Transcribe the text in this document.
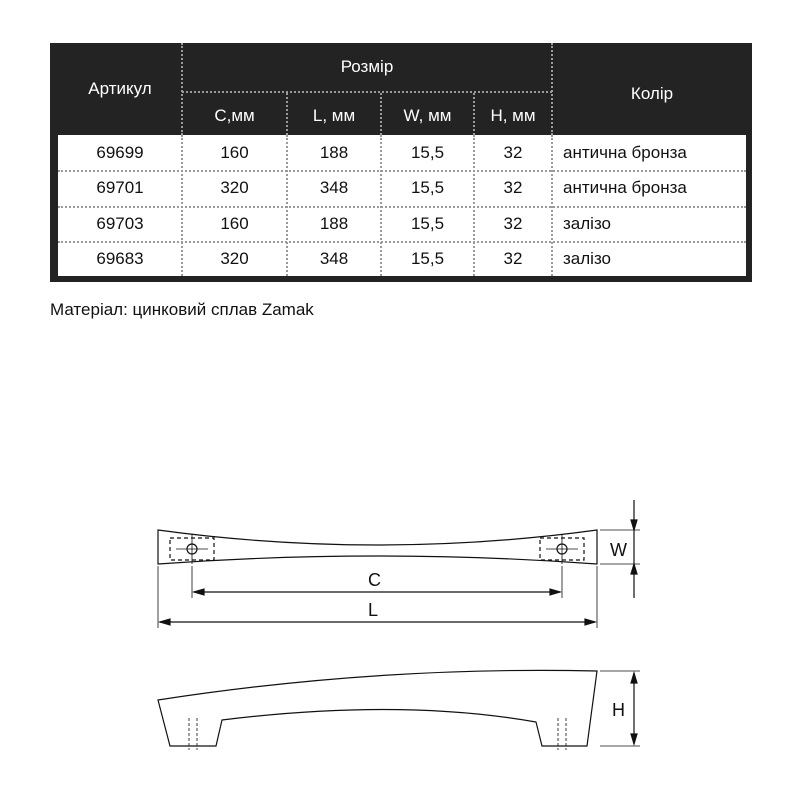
Артикул
Розмір
Колір
C,мм	L, мм	W, мм	H, мм
69699	160	188	15,5	32	антична бронза
69701	320	348	15,5	32	антична бронза
69703	160	188	15,5	32	залізо
69683	320	348	15,5	32	залізо
Матеріал: цинковий сплав Zamak
C
L
W
H
